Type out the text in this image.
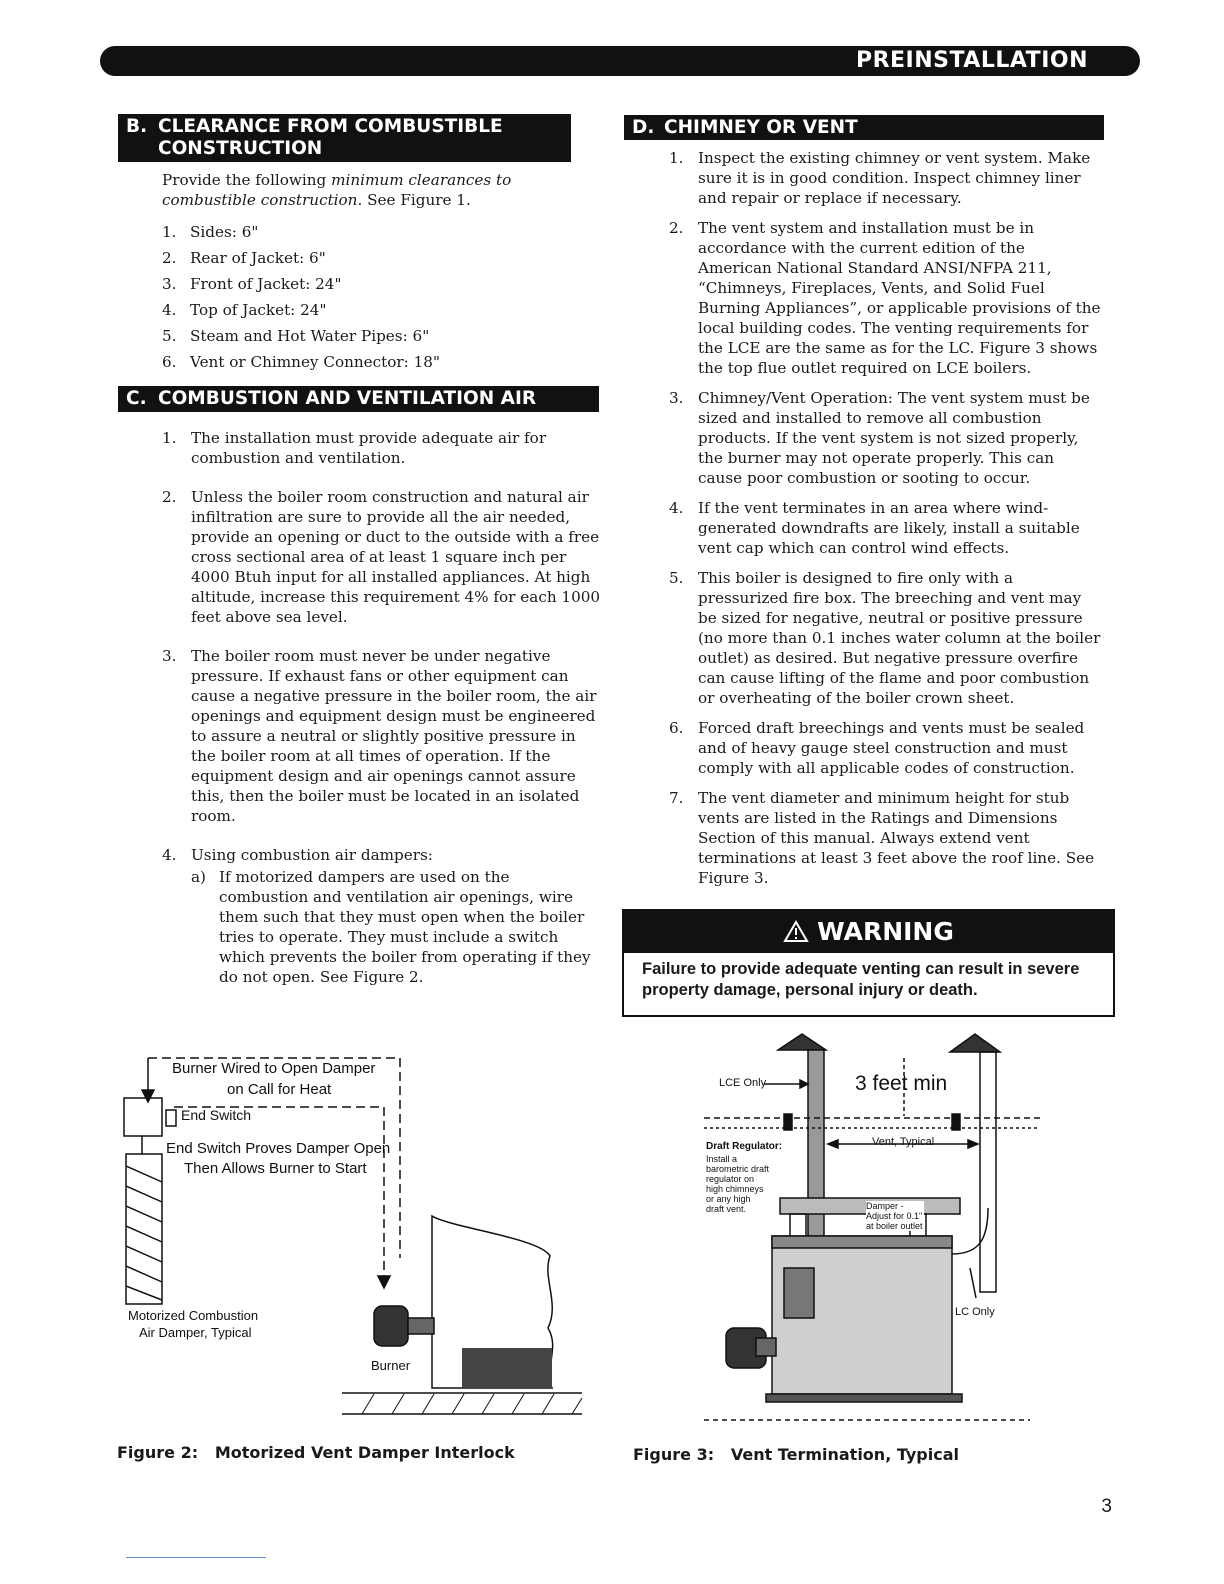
PREINSTALLATION
B. CLEARANCE FROM COMBUSTIBLE
CONSTRUCTION

Provide the following minimum clearances to combustible construction. See Figure 1.

1. Sides: 6"
2. Rear of Jacket: 6"
3. Front of Jacket: 24"
4. Top of Jacket: 24"
5. Steam and Hot Water Pipes: 6"
6. Vent or Chimney Connector: 18"
C. COMBUSTION AND VENTILATION AIR
1. The installation must provide adequate air for combustion and ventilation.
2. Unless the boiler room construction and natural air infiltration are sure to provide all the air needed, provide an opening or duct to the outside with a free cross sectional area of at least 1 square inch per 4000 Btuh input for all installed appliances. At high altitude, increase this requirement 4% for each 1000 feet above sea level.
3. The boiler room must never be under negative pressure. If exhaust fans or other equipment can cause a negative pressure in the boiler room, the air openings and equipment design must be engineered to assure a neutral or slightly positive pressure in the boiler room at all times of operation. If the equipment design and air openings cannot assure this, then the boiler must be located in an isolated room.
4. Using combustion air dampers:
a) If motorized dampers are used on the combustion and ventilation air openings, wire them such that they must open when the boiler tries to operate. They must include a switch which prevents the boiler from operating if they do not open. See Figure 2.
D. CHIMNEY OR VENT
1. Inspect the existing chimney or vent system. Make sure it is in good condition. Inspect chimney liner and repair or replace if necessary.
2. The vent system and installation must be in accordance with the current edition of the American National Standard ANSI/NFPA 211, “Chimneys, Fireplaces, Vents, and Solid Fuel Burning Appliances”, or applicable provisions of the local building codes. The venting requirements for the LCE are the same as for the LC. Figure 3 shows the top flue outlet required on LCE boilers.
3. Chimney/Vent Operation: The vent system must be sized and installed to remove all combustion products. If the vent system is not sized properly, the burner may not operate properly. This can cause poor combustion or sooting to occur.
4. If the vent terminates in an area where wind-generated downdrafts are likely, install a suitable vent cap which can control wind effects.
5. This boiler is designed to fire only with a pressurized fire box. The breeching and vent may be sized for negative, neutral or positive pressure (no more than 0.1 inches water column at the boiler outlet) as desired. But negative pressure overfire can cause lifting of the flame and poor combustion or overheating of the boiler crown sheet.
6. Forced draft breechings and vents must be sealed and of heavy gauge steel construction and must comply with all applicable codes of construction.
7. The vent diameter and minimum height for stub vents are listed in the Ratings and Dimensions Section of this manual. Always extend vent terminations at least 3 feet above the roof line. See Figure 3.
WARNING
Failure to provide adequate venting can result in severe property damage, personal injury or death.
Burner Wired to Open Damper
on Call for Heat
End Switch
End Switch Proves Damper Open
Then Allows Burner to Start
Motorized Combustion
Air Damper, Typical
Burner
LCE Only	3 feet min
Draft Regulator:
Install a barometric draft regulator on high chimneys or any high draft vent.
Vent, Typical
Damper - Adjust for 0.1" at boiler outlet
LC Only
Figure 2: Motorized Vent Damper Interlock	Figure 3: Vent Termination, Typical
3
